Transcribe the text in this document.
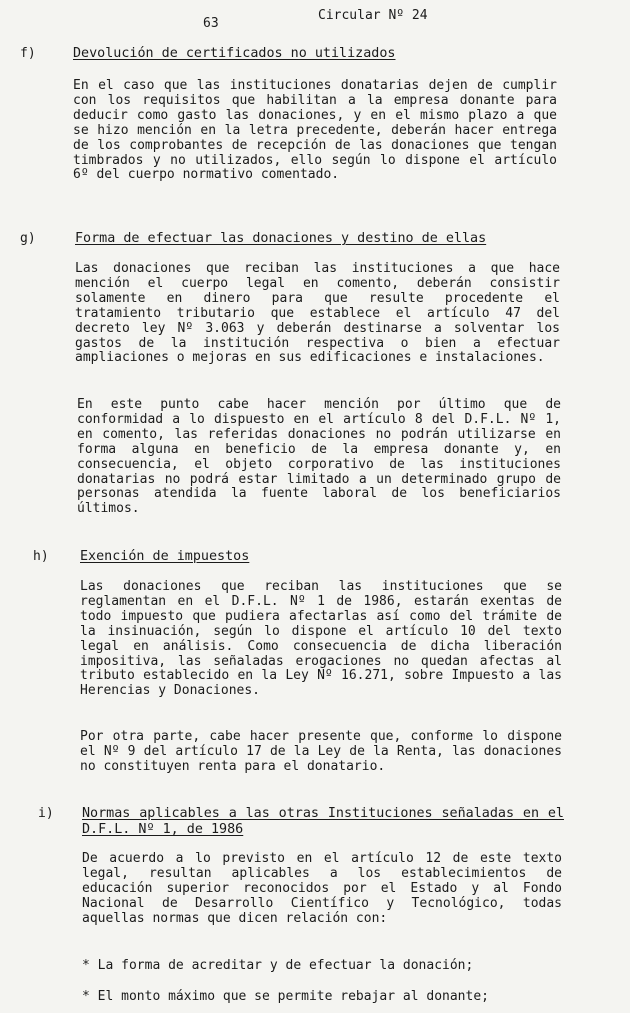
63
Circular Nº 24
f)	Devolución de certificados no utilizados
En el caso que las instituciones donatarias dejen de cumplir con los requisitos que habilitan a la empresa donante para deducir como gasto las donaciones, y en el mismo plazo a que se hizo mención en la letra precedente, deberán hacer entrega de los comprobantes de recepción de las donaciones que tengan timbrados y no utilizados, ello según lo dispone el artículo 6º del cuerpo normativo comentado.
g)	Forma de efectuar las donaciones y destino de ellas
Las donaciones que reciban las instituciones a que hace mención el cuerpo legal en comento, deberán consistir solamente en dinero para que resulte procedente el tratamiento tributario que establece el artículo 47 del decreto ley Nº 3.063 y deberán destinarse a solventar los gastos de la institución respectiva o bien a efectuar ampliaciones o mejoras en sus edificaciones e instalaciones.
En este punto cabe hacer mención por último que de conformidad a lo dispuesto en el artículo 8 del D.F.L. Nº 1, en comento, las referidas donaciones no podrán utilizarse en forma alguna en beneficio de la empresa donante y, en consecuencia, el objeto corporativo de las instituciones donatarias no podrá estar limitado a un determinado grupo de personas atendida la fuente laboral de los beneficiarios últimos.
h) Exención de impuestos
Las donaciones que reciban las instituciones que se reglamentan en el D.F.L. Nº 1 de 1986, estarán exentas de todo impuesto que pudiera afectarlas así como del trámite de la insinuación, según lo dispone el artículo 10 del texto legal en análisis. Como consecuencia de dicha liberación impositiva, las señaladas erogaciones no quedan afectas al tributo establecido en la Ley Nº 16.271, sobre Impuesto a las Herencias y Donaciones.
Por otra parte, cabe hacer presente que, conforme lo dispone el Nº 9 del artículo 17 de la Ley de la Renta, las donaciones no constituyen renta para el donatario.
i) Normas aplicables a las otras Instituciones señaladas en el D.F.L. Nº 1, de 1986
De acuerdo a lo previsto en el artículo 12 de este texto legal, resultan aplicables a los establecimientos de educación superior reconocidos por el Estado y al Fondo Nacional de Desarrollo Científico y Tecnológico, todas aquellas normas que dicen relación con:
* La forma de acreditar y de efectuar la donación;
* El monto máximo que se permite rebajar al donante;
